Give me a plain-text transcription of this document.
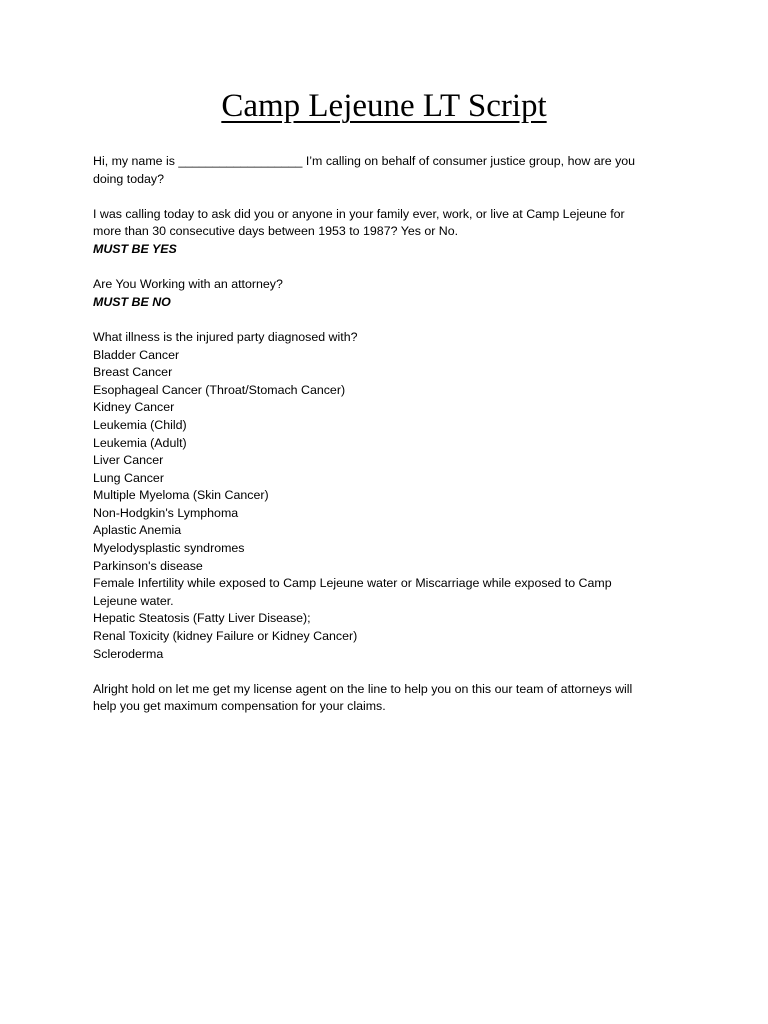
Camp Lejeune LT Script
Hi, my name is __________________ I’m calling on behalf of consumer justice group, how are you
doing today?
I was calling today to ask did you or anyone in your family ever, work, or live at Camp Lejeune for
more than 30 consecutive days between 1953 to 1987? Yes or No.
MUST BE YES
Are You Working with an attorney?
MUST BE NO
What illness is the injured party diagnosed with?
Bladder Cancer
Breast Cancer
Esophageal Cancer (Throat/Stomach Cancer)
Kidney Cancer
Leukemia (Child)
Leukemia (Adult)
Liver Cancer
Lung Cancer
Multiple Myeloma (Skin Cancer)
Non-Hodgkin's Lymphoma
Aplastic Anemia
Myelodysplastic syndromes
Parkinson's disease
Female Infertility while exposed to Camp Lejeune water or Miscarriage while exposed to Camp
Lejeune water.
Hepatic Steatosis (Fatty Liver Disease);
Renal Toxicity (kidney Failure or Kidney Cancer)
Scleroderma
Alright hold on let me get my license agent on the line to help you on this our team of attorneys will
help you get maximum compensation for your claims.
